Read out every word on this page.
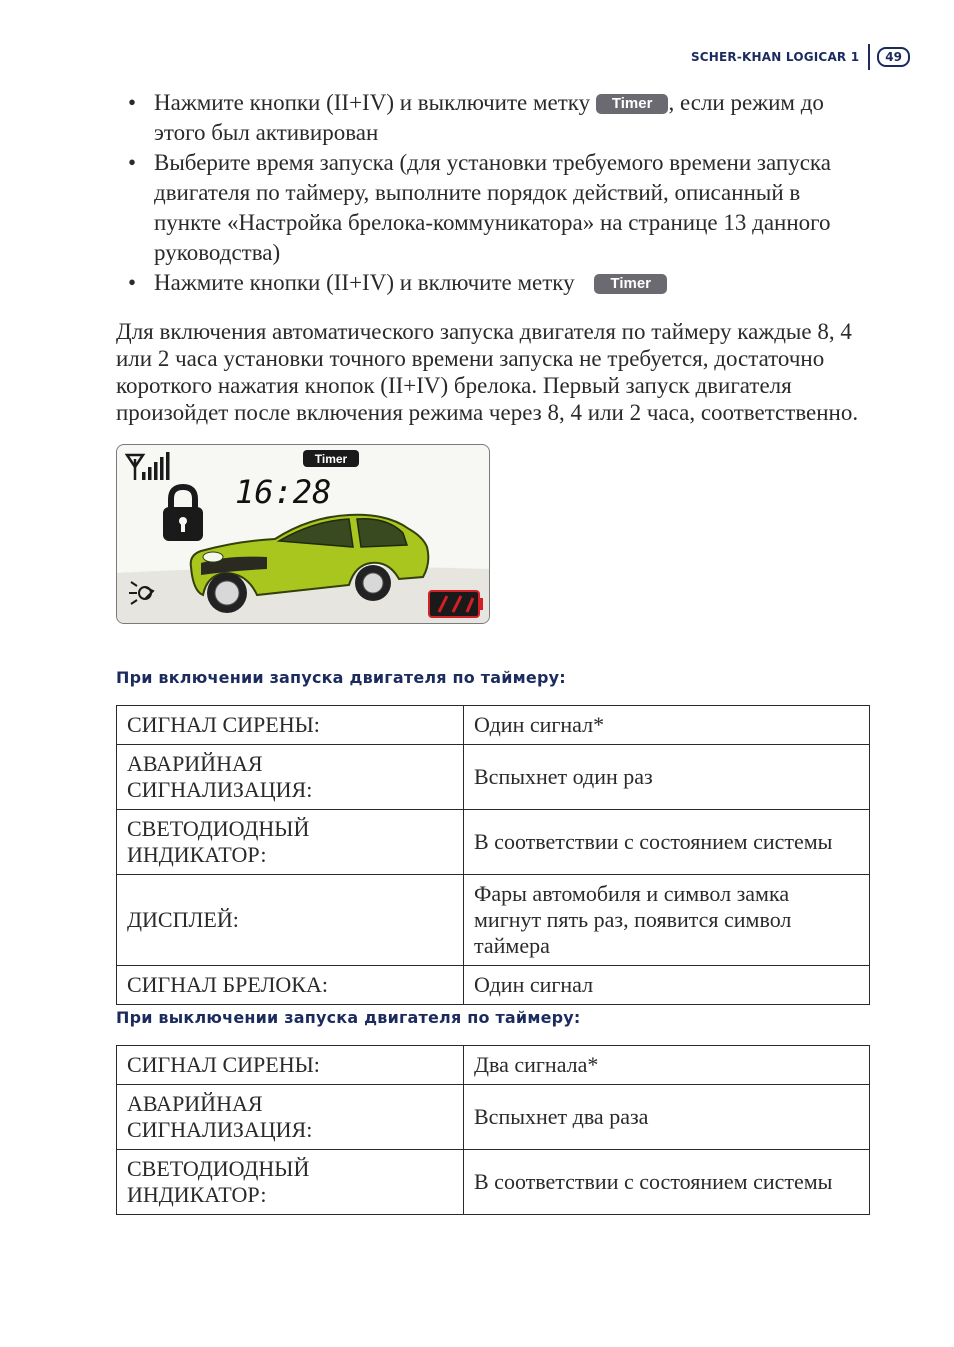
SCHER-KHAN LOGICAR 1	49
• Нажмите кнопки (II+IV) и выключите метку Timer , если режим до этого был активирован
• Выберите время запуска (для установки требуемого времени запуска двигателя по таймеру, выполните порядок действий, описанный в пункте «Настройка брелока-коммуникатора» на странице 13 данного руководства)
• Нажмите кнопки (II+IV) и включите метку Timer

Для включения автоматического запуска двигателя по таймеру каждые 8, 4 или 2 часа установки точного времени запуска не требуется, достаточно короткого нажатия кнопок (II+IV) брелока. Первый запуск двигателя произойдет после включения режима через 8, 4 или 2 часа, соответственно.

Timer
16:28
При включении запуска двигателя по таймеру:
СИГНАЛ СИРЕНЫ:	Один сигнал*
АВАРИЙНАЯ СИГНАЛИЗАЦИЯ:	Вспыхнет один раз
СВЕТОДИОДНЫЙ ИНДИКАТОР:	В соответствии с состоянием системы
ДИСПЛЕЙ:	Фары автомобиля и символ замка мигнут пять раз, появится символ таймера
СИГНАЛ БРЕЛОКА:	Один сигнал
При выключении запуска двигателя по таймеру:
СИГНАЛ СИРЕНЫ:	Два сигнала*
АВАРИЙНАЯ СИГНАЛИЗАЦИЯ:	Вспыхнет два раза
СВЕТОДИОДНЫЙ ИНДИКАТОР:	В соответствии с состоянием системы
